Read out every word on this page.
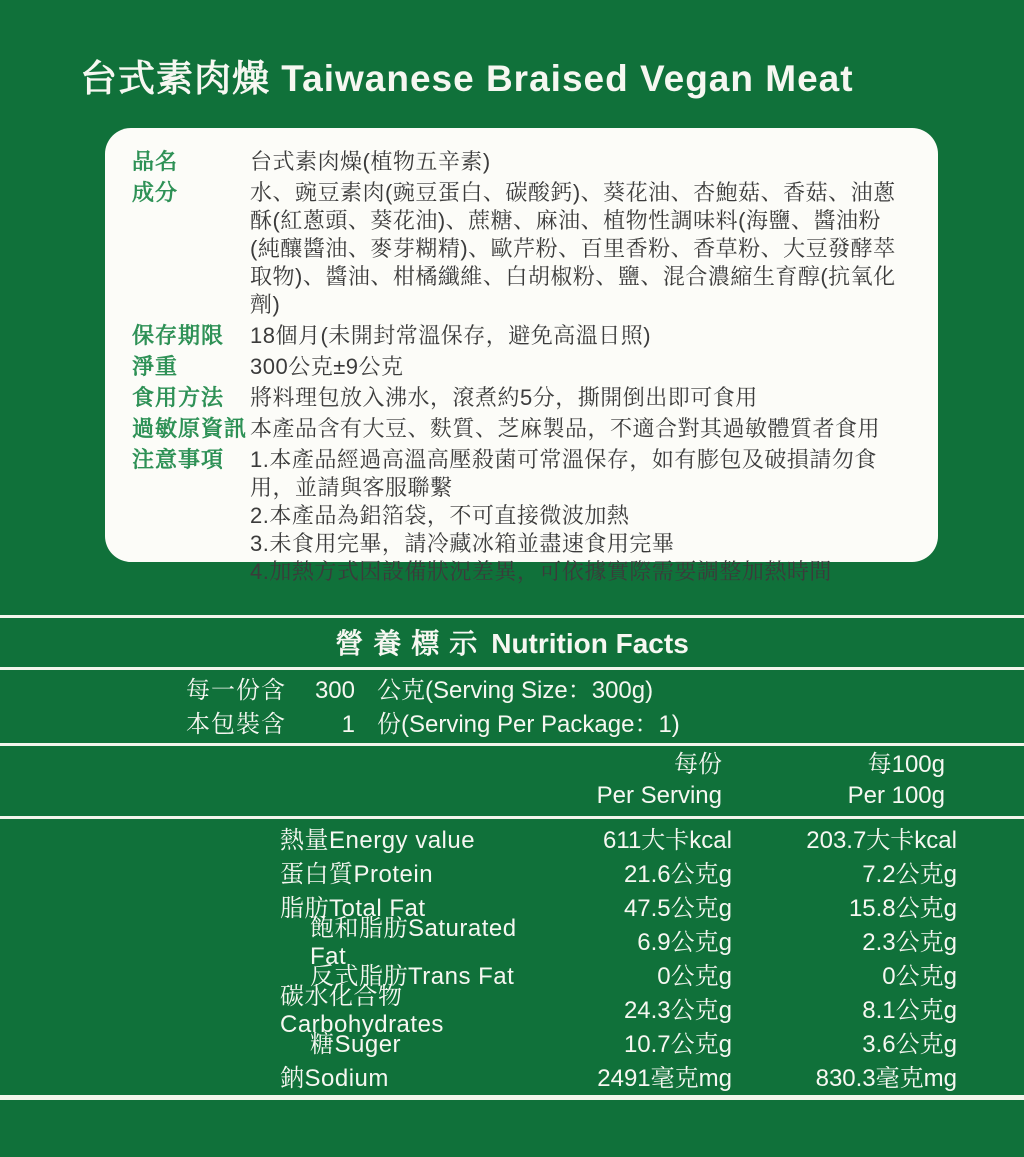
台式素肉燥 Taiwanese Braised Vegan Meat
品名	台式素肉燥(植物五辛素)
成分	水、豌豆素肉(豌豆蛋白、碳酸鈣)、葵花油、杏鮑菇、香菇、油蔥酥(紅蔥頭、葵花油)、蔗糖、麻油、植物性調味料(海鹽、醬油粉(純釀醬油、麥芽糊精)、歐芹粉、百里香粉、香草粉、大豆發酵萃取物)、醬油、柑橘纖維、白胡椒粉、鹽、混合濃縮生育醇(抗氧化劑)
保存期限	18個月(未開封常溫保存，避免高溫日照)
淨重	300公克±9公克
食用方法	將料理包放入沸水，滾煮約5分，撕開倒出即可食用
過敏原資訊 本產品含有大豆、麩質、芝麻製品，不適合對其過敏體質者食用
注意事項	1.本產品經過高溫高壓殺菌可常溫保存，如有膨包及破損請勿食用，並請與客服聯繫
2.本產品為鋁箔袋，不可直接微波加熱
3.未食用完畢，請冷藏冰箱並盡速食用完畢
4.加熱方式因設備狀況差異，可依據實際需要調整加熱時間
營養標示 Nutrition Facts
每一份含	300 公克(Serving Size：300g)
本包裝含	1 份(Serving Per Package：1)
每份
Per Serving
每100g
Per 100g
熱量Energy value	611大卡kcal	203.7大卡kcal
蛋白質Protein	21.6公克g	7.2公克g
脂肪Total Fat	47.5公克g	15.8公克g
飽和脂肪Saturated Fat
6.9公克g	2.3公克g
反式脂肪Trans Fat	0公克g	0公克g
碳水化合物Carbohydrates
24.3公克g	8.1公克g
糖Suger	10.7公克g	3.6公克g
鈉Sodium	2491毫克mg	830.3毫克mg
